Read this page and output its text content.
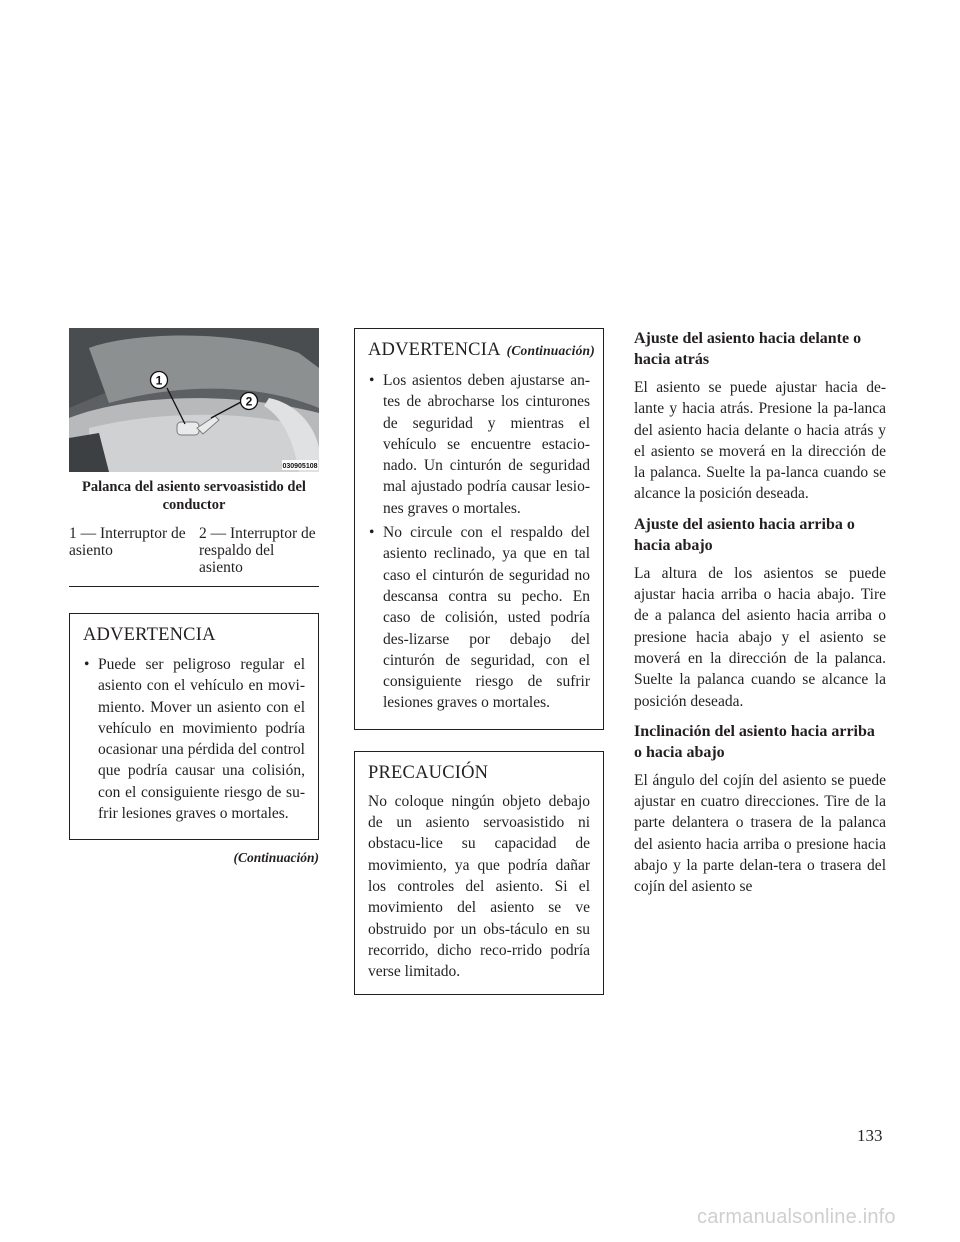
1
2
030905108
Palanca del asiento servoasistido del conductor
1 — Interruptor de asiento
2 — Interruptor de respaldo del asiento
ADVERTENCIA
• Puede ser peligroso regular el asiento con el vehículo en movi-miento. Mover un asiento con el vehículo en movimiento podría ocasionar una pérdida del control que podría causar una colisión, con el consiguiente riesgo de su-frir lesiones graves o mortales.
(Continuación)
ADVERTENCIA (Continuación)
• Los asientos deben ajustarse an-tes de abrocharse los cinturones de seguridad y mientras el vehículo se encuentre estacio-nado. Un cinturón de seguridad mal ajustado podría causar lesio-nes graves o mortales.
• No circule con el respaldo del asiento reclinado, ya que en tal caso el cinturón de seguridad no descansa contra su pecho. En caso de colisión, usted podría des-lizarse por debajo del cinturón de seguridad, con el consiguiente riesgo de sufrir lesiones graves o mortales.
PRECAUCIÓN

No coloque ningún objeto debajo de un asiento servoasistido ni obstacu-lice su capacidad de movimiento, ya que podría dañar los controles del asiento. Si el movimiento del asiento se ve obstruido por un obs-táculo en su recorrido, dicho reco-rrido podría verse limitado.

Ajuste del asiento hacia delante o hacia atrás

El asiento se puede ajustar hacia de-lante y hacia atrás. Presione la pa-lanca del asiento hacia delante o hacia atrás y el asiento se moverá en la dirección de la palanca. Suelte la pa-lanca cuando se alcance la posición deseada.

Ajuste del asiento hacia arriba o hacia abajo

La altura de los asientos se puede ajustar hacia arriba o hacia abajo. Tire de a palanca del asiento hacia arriba o presione hacia abajo y el asiento se moverá en la dirección de la palanca. Suelte la palanca cuando se alcance la posición deseada.

Inclinación del asiento hacia arriba o hacia abajo

El ángulo del cojín del asiento se puede ajustar en cuatro direcciones. Tire de la parte delantera o trasera de la palanca del asiento hacia arriba o presione hacia abajo y la parte delan-tera o trasera del cojín del asiento se

133
carmanualsonline.info
